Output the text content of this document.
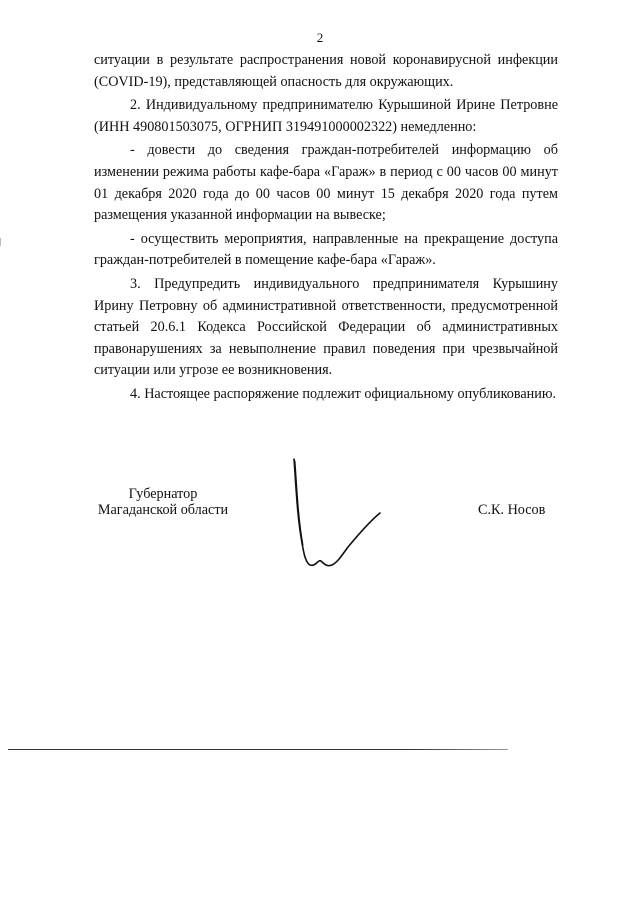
2

ситуации в результате распространения новой коронавирусной инфекции (COVID-19), представляющей опасность для окружающих.

2. Индивидуальному предпринимателю Курышиной Ирине Петровне (ИНН 490801503075, ОГРНИП 319491000002322) немедленно:

- довести до сведения граждан-потребителей информацию об изменении режима работы кафе-бара «Гараж» в период с 00 часов 00 минут 01 декабря 2020 года до 00 часов 00 минут 15 декабря 2020 года путем размещения указанной информации на вывеске;

- осуществить мероприятия, направленные на прекращение доступа граждан-потребителей в помещение кафе-бара «Гараж».

3. Предупредить индивидуального предпринимателя Курышину Ирину Петровну об административной ответственности, предусмотренной статьей 20.6.1 Кодекса Российской Федерации об административных правонарушениях за невыполнение правил поведения при чрезвычайной ситуации или угрозе ее возникновения.

4. Настоящее распоряжение подлежит официальному опубликованию.

Губернатор
Магаданской области	С.К. Носов
